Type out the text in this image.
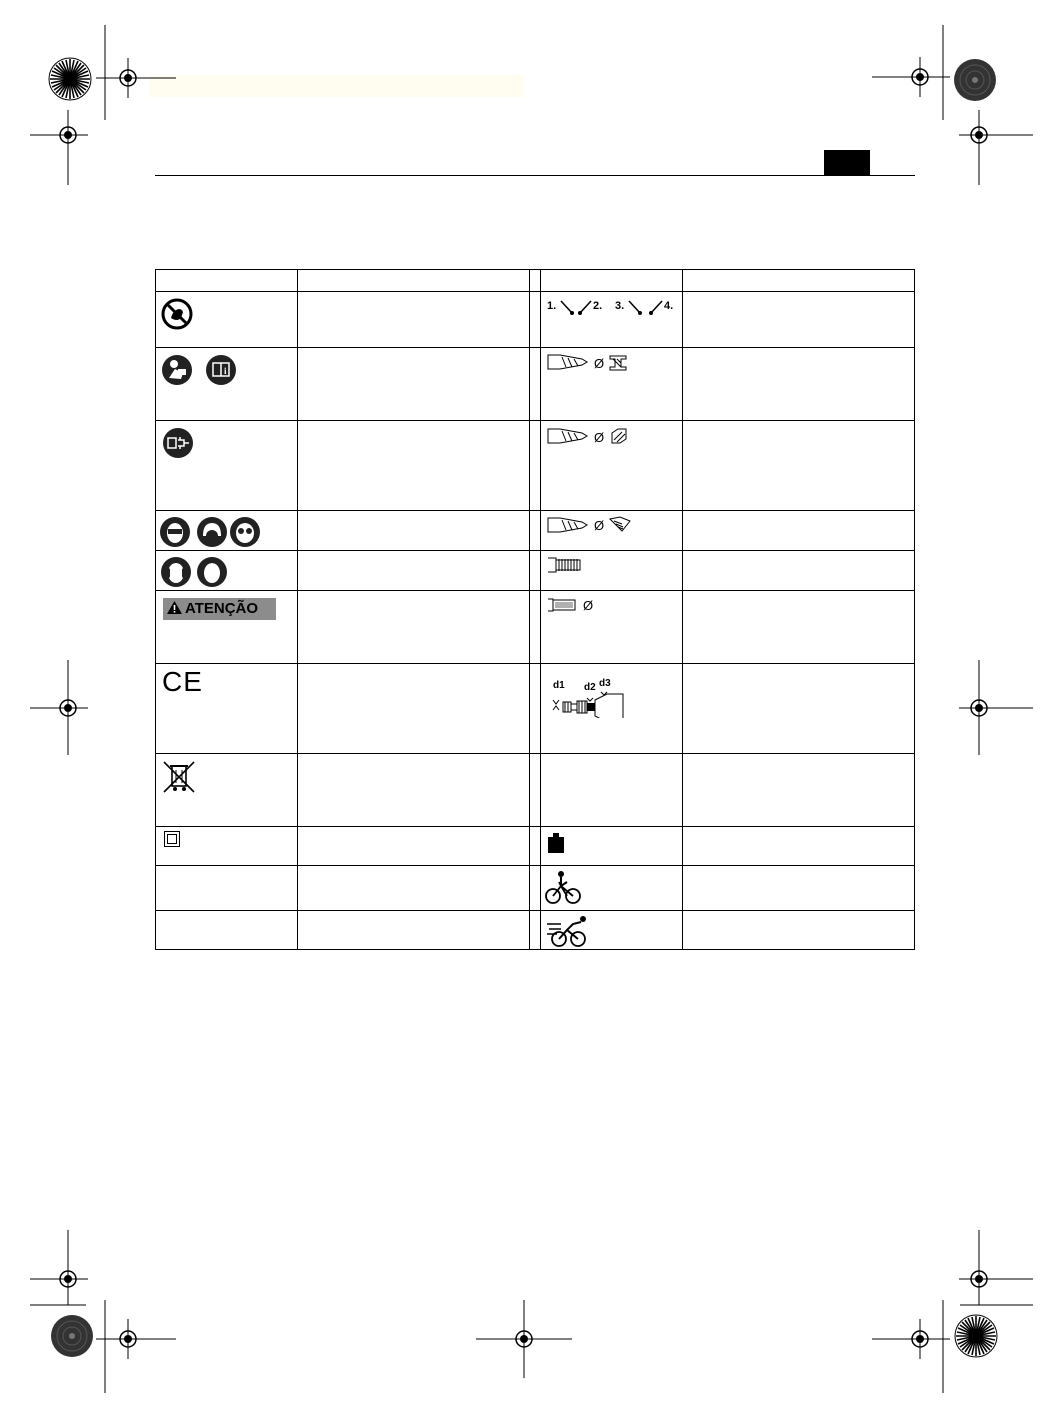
i
ATENÇÃO
CE
1.	2. 3.	4.
Ø
Ø
Ø
Ø
d1 d2 d3
